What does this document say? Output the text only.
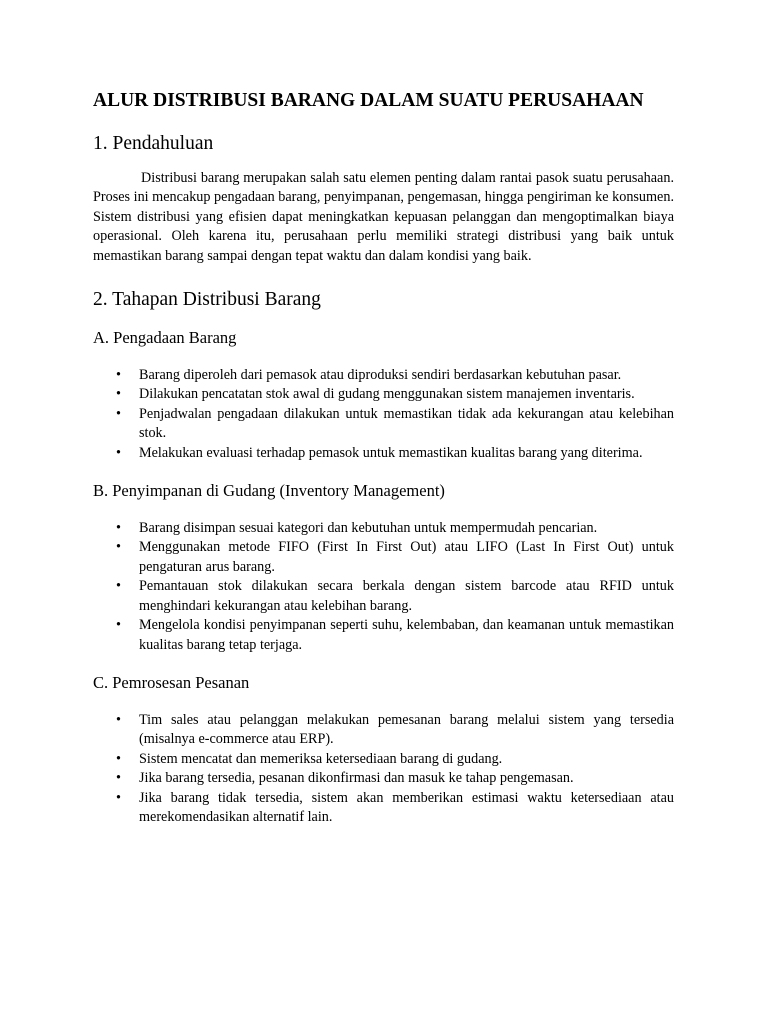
ALUR DISTRIBUSI BARANG DALAM SUATU PERUSAHAAN
1. Pendahuluan

Distribusi barang merupakan salah satu elemen penting dalam rantai pasok suatu perusahaan. Proses ini mencakup pengadaan barang, penyimpanan, pengemasan, hingga pengiriman ke konsumen. Sistem distribusi yang efisien dapat meningkatkan kepuasan pelanggan dan mengoptimalkan biaya operasional. Oleh karena itu, perusahaan perlu memiliki strategi distribusi yang baik untuk memastikan barang sampai dengan tepat waktu dan dalam kondisi yang baik.

2. Tahapan Distribusi Barang
A. Pengadaan Barang
• Barang diperoleh dari pemasok atau diproduksi sendiri berdasarkan kebutuhan pasar.
• Dilakukan pencatatan stok awal di gudang menggunakan sistem manajemen inventaris.
• Penjadwalan pengadaan dilakukan untuk memastikan tidak ada kekurangan atau kelebihan stok.
• Melakukan evaluasi terhadap pemasok untuk memastikan kualitas barang yang diterima.
B. Penyimpanan di Gudang (Inventory Management)
• Barang disimpan sesuai kategori dan kebutuhan untuk mempermudah pencarian.
• Menggunakan metode FIFO (First In First Out) atau LIFO (Last In First Out) untuk pengaturan arus barang.
• Pemantauan stok dilakukan secara berkala dengan sistem barcode atau RFID untuk menghindari kekurangan atau kelebihan barang.
• Mengelola kondisi penyimpanan seperti suhu, kelembaban, dan keamanan untuk memastikan kualitas barang tetap terjaga.
C. Pemrosesan Pesanan
• Tim sales atau pelanggan melakukan pemesanan barang melalui sistem yang tersedia (misalnya e-commerce atau ERP).
• Sistem mencatat dan memeriksa ketersediaan barang di gudang.
• Jika barang tersedia, pesanan dikonfirmasi dan masuk ke tahap pengemasan.
• Jika barang tidak tersedia, sistem akan memberikan estimasi waktu ketersediaan atau merekomendasikan alternatif lain.
